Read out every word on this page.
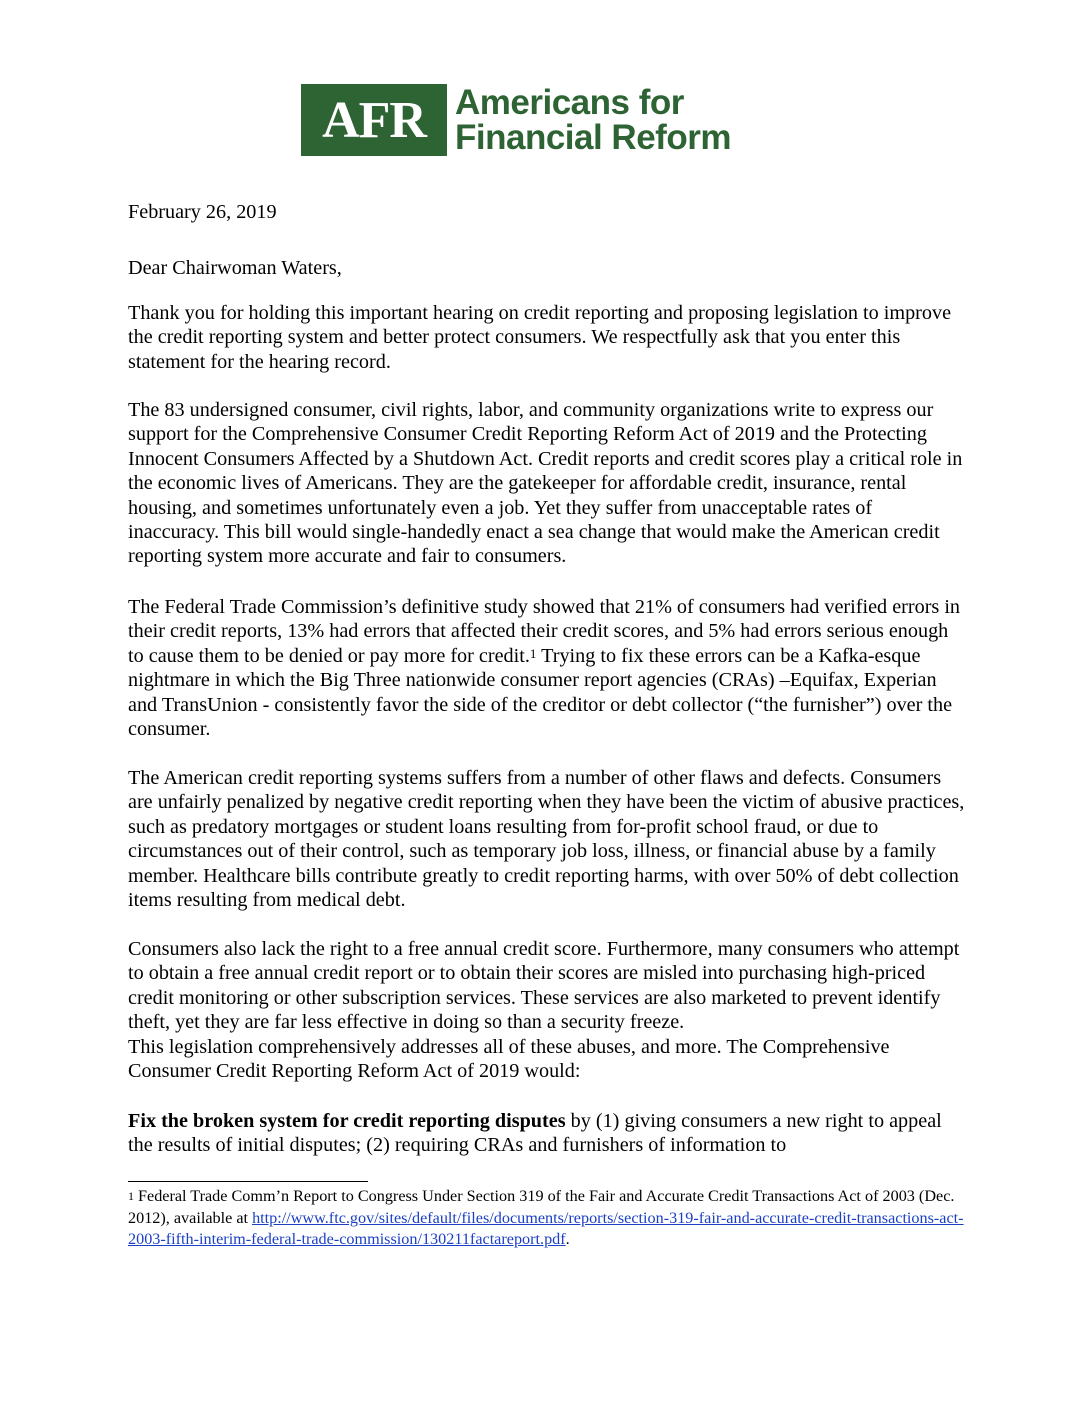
AFR Americans for
Financial Reform

February 26, 2019

Dear Chairwoman Waters,

Thank you for holding this important hearing on credit reporting and proposing legislation to improve the credit reporting system and better protect consumers. We respectfully ask that you enter this statement for the hearing record.

The 83 undersigned consumer, civil rights, labor, and community organizations write to express our support for the Comprehensive Consumer Credit Reporting Reform Act of 2019 and the Protecting Innocent Consumers Affected by a Shutdown Act. Credit reports and credit scores play a critical role in the economic lives of Americans. They are the gatekeeper for affordable credit, insurance, rental housing, and sometimes unfortunately even a job. Yet they suffer from unacceptable rates of inaccuracy. This bill would single-handedly enact a sea change that would make the American credit reporting system more accurate and fair to consumers.

The Federal Trade Commission’s definitive study showed that 21% of consumers had verified errors in their credit reports, 13% had errors that affected their credit scores, and 5% had errors serious enough to cause them to be denied or pay more for credit.$^1$ Trying to fix these errors can be a Kafka-esque nightmare in which the Big Three nationwide consumer report agencies (CRAs) –Equifax, Experian and TransUnion - consistently favor the side of the creditor or debt collector (“the furnisher”) over the consumer.

The American credit reporting systems suffers from a number of other flaws and defects. Consumers are unfairly penalized by negative credit reporting when they have been the victim of abusive practices, such as predatory mortgages or student loans resulting from for-profit school fraud, or due to circumstances out of their control, such as temporary job loss, illness, or financial abuse by a family member. Healthcare bills contribute greatly to credit reporting harms, with over 50% of debt collection items resulting from medical debt.

Consumers also lack the right to a free annual credit score. Furthermore, many consumers who attempt to obtain a free annual credit report or to obtain their scores are misled into purchasing high-priced credit monitoring or other subscription services. These services are also marketed to prevent identify theft, yet they are far less effective in doing so than a security freeze.

This legislation comprehensively addresses all of these abuses, and more. The Comprehensive Consumer Credit Reporting Reform Act of 2019 would:

Fix the broken system for credit reporting disputes by (1) giving consumers a new right to appeal the results of initial disputes; (2) requiring CRAs and furnishers of information to

$^1$ Federal Trade Comm’n Report to Congress Under Section 319 of the Fair and Accurate Credit Transactions Act of 2003 (Dec. 2012), available at http://www.ftc.gov/sites/default/files/documents/reports/section-319-fair-and-accurate-credit-transactions-act-2003-fifth-interim-federal-trade-commission/130211factareport.pdf.
